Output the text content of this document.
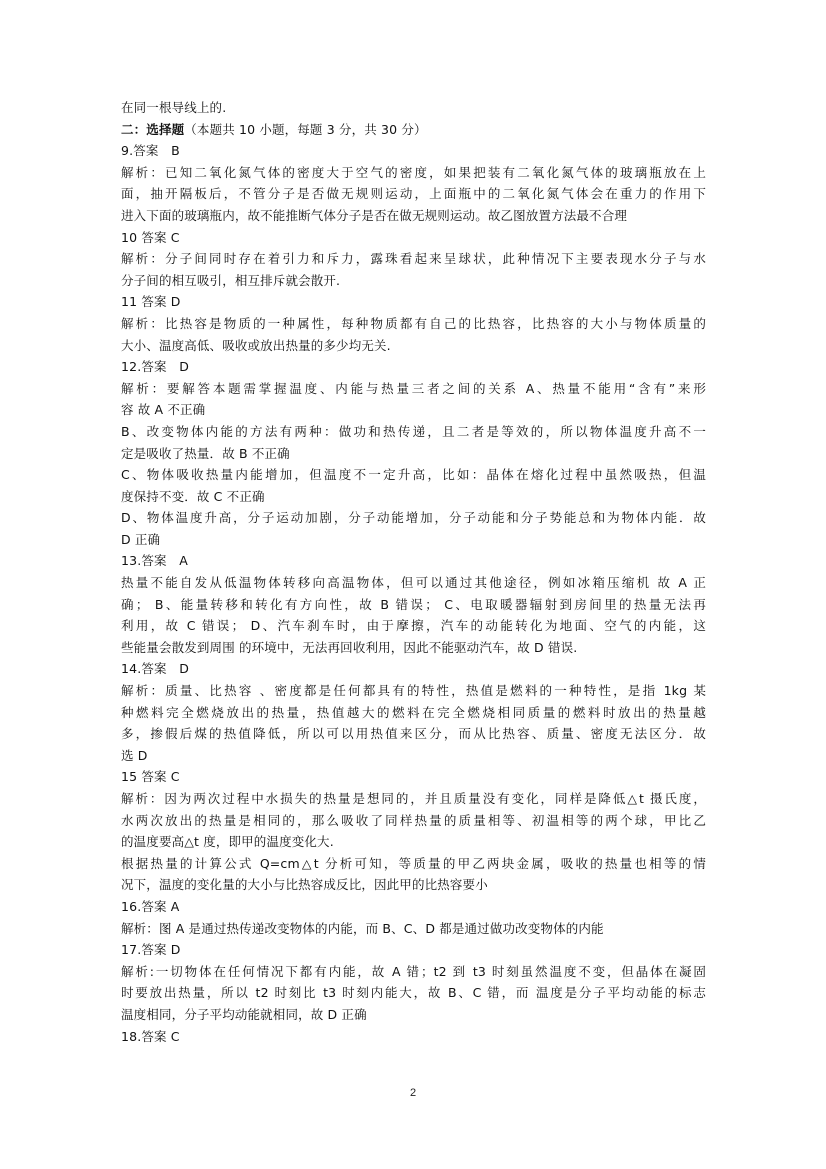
在同一根导线上的.
二：选择题（本题共 10 小题，每题 3 分，共 30 分）
9.答案　B
解析：已知二氧化氮气体的密度大于空气的密度，如果把装有二氧化氮气体的玻璃瓶放在上
面，抽开隔板后，不管分子是否做无规则运动，上面瓶中的二氧化氮气体会在重力的作用下
进入下面的玻璃瓶内，故不能推断气体分子是否在做无规则运动。故乙图放置方法最不合理
10 答案 C
解析：分子间同时存在着引力和斥力，露珠看起来呈球状，此种情况下主要表现水分子与水
分子间的相互吸引，相互排斥就会散开.
11 答案 D
解析：比热容是物质的一种属性，每种物质都有自己的比热容，比热容的大小与物体质量的
大小、温度高低、吸收或放出热量的多少均无关.
12.答案　D
解析：要解答本题需掌握温度、内能与热量三者之间的关系 A、热量不能用“含有”来形
容 故 A 不正确
B、改变物体内能的方法有两种：做功和热传递，且二者是等效的，所以物体温度升高不一
定是吸收了热量．故 B 不正确
C、物体吸收热量内能增加，但温度不一定升高，比如：晶体在熔化过程中虽然吸热，但温
度保持不变．故 C 不正确
D、物体温度升高，分子运动加剧，分子动能增加，分子动能和分子势能总和为物体内能．故
D 正确
13.答案　A
热量不能自发从低温物体转移向高温物体，但可以通过其他途径，例如冰箱压缩机 故 A 正
确； B、能量转移和转化有方向性，故 B 错误； C、电取暖器辐射到房间里的热量无法再
利用，故 C 错误； D、汽车刹车时，由于摩擦，汽车的动能转化为地面、空气的内能，这
些能量会散发到周围 的环境中，无法再回收利用，因此不能驱动汽车，故 D 错误.
14.答案　D
解析：质量、比热容 、密度都是任何都具有的特性，热值是燃料的一种特性，是指 1kg 某
种燃料完全燃烧放出的热量，热值越大的燃料在完全燃烧相同质量的燃料时放出的热量越
多，掺假后煤的热值降低，所以可以用热值来区分，而从比热容、质量、密度无法区分．故
选 D
15 答案 C
解析：因为两次过程中水损失的热量是想同的，并且质量没有变化，同样是降低△t 摄氏度，
水两次放出的热量是相同的，那么吸收了同样热量的质量相等、初温相等的两个球，甲比乙
的温度要高△t 度，即甲的温度变化大.
根据热量的计算公式 Q=cm△t 分析可知，等质量的甲乙两块金属，吸收的热量也相等的情
况下，温度的变化量的大小与比热容成反比，因此甲的比热容要小
16.答案 A
解析：图 A 是通过热传递改变物体的内能，而 B、C、D 都是通过做功改变物体的内能
17.答案 D
解析:一切物体在任何情况下都有内能，故 A 错；t2 到 t3 时刻虽然温度不变，但晶体在凝固
时要放出热量，所以 t2 时刻比 t3 时刻内能大，故 B、C 错，而 温度是分子平均动能的标志
温度相同，分子平均动能就相同，故 D 正确
18.答案 C
2
